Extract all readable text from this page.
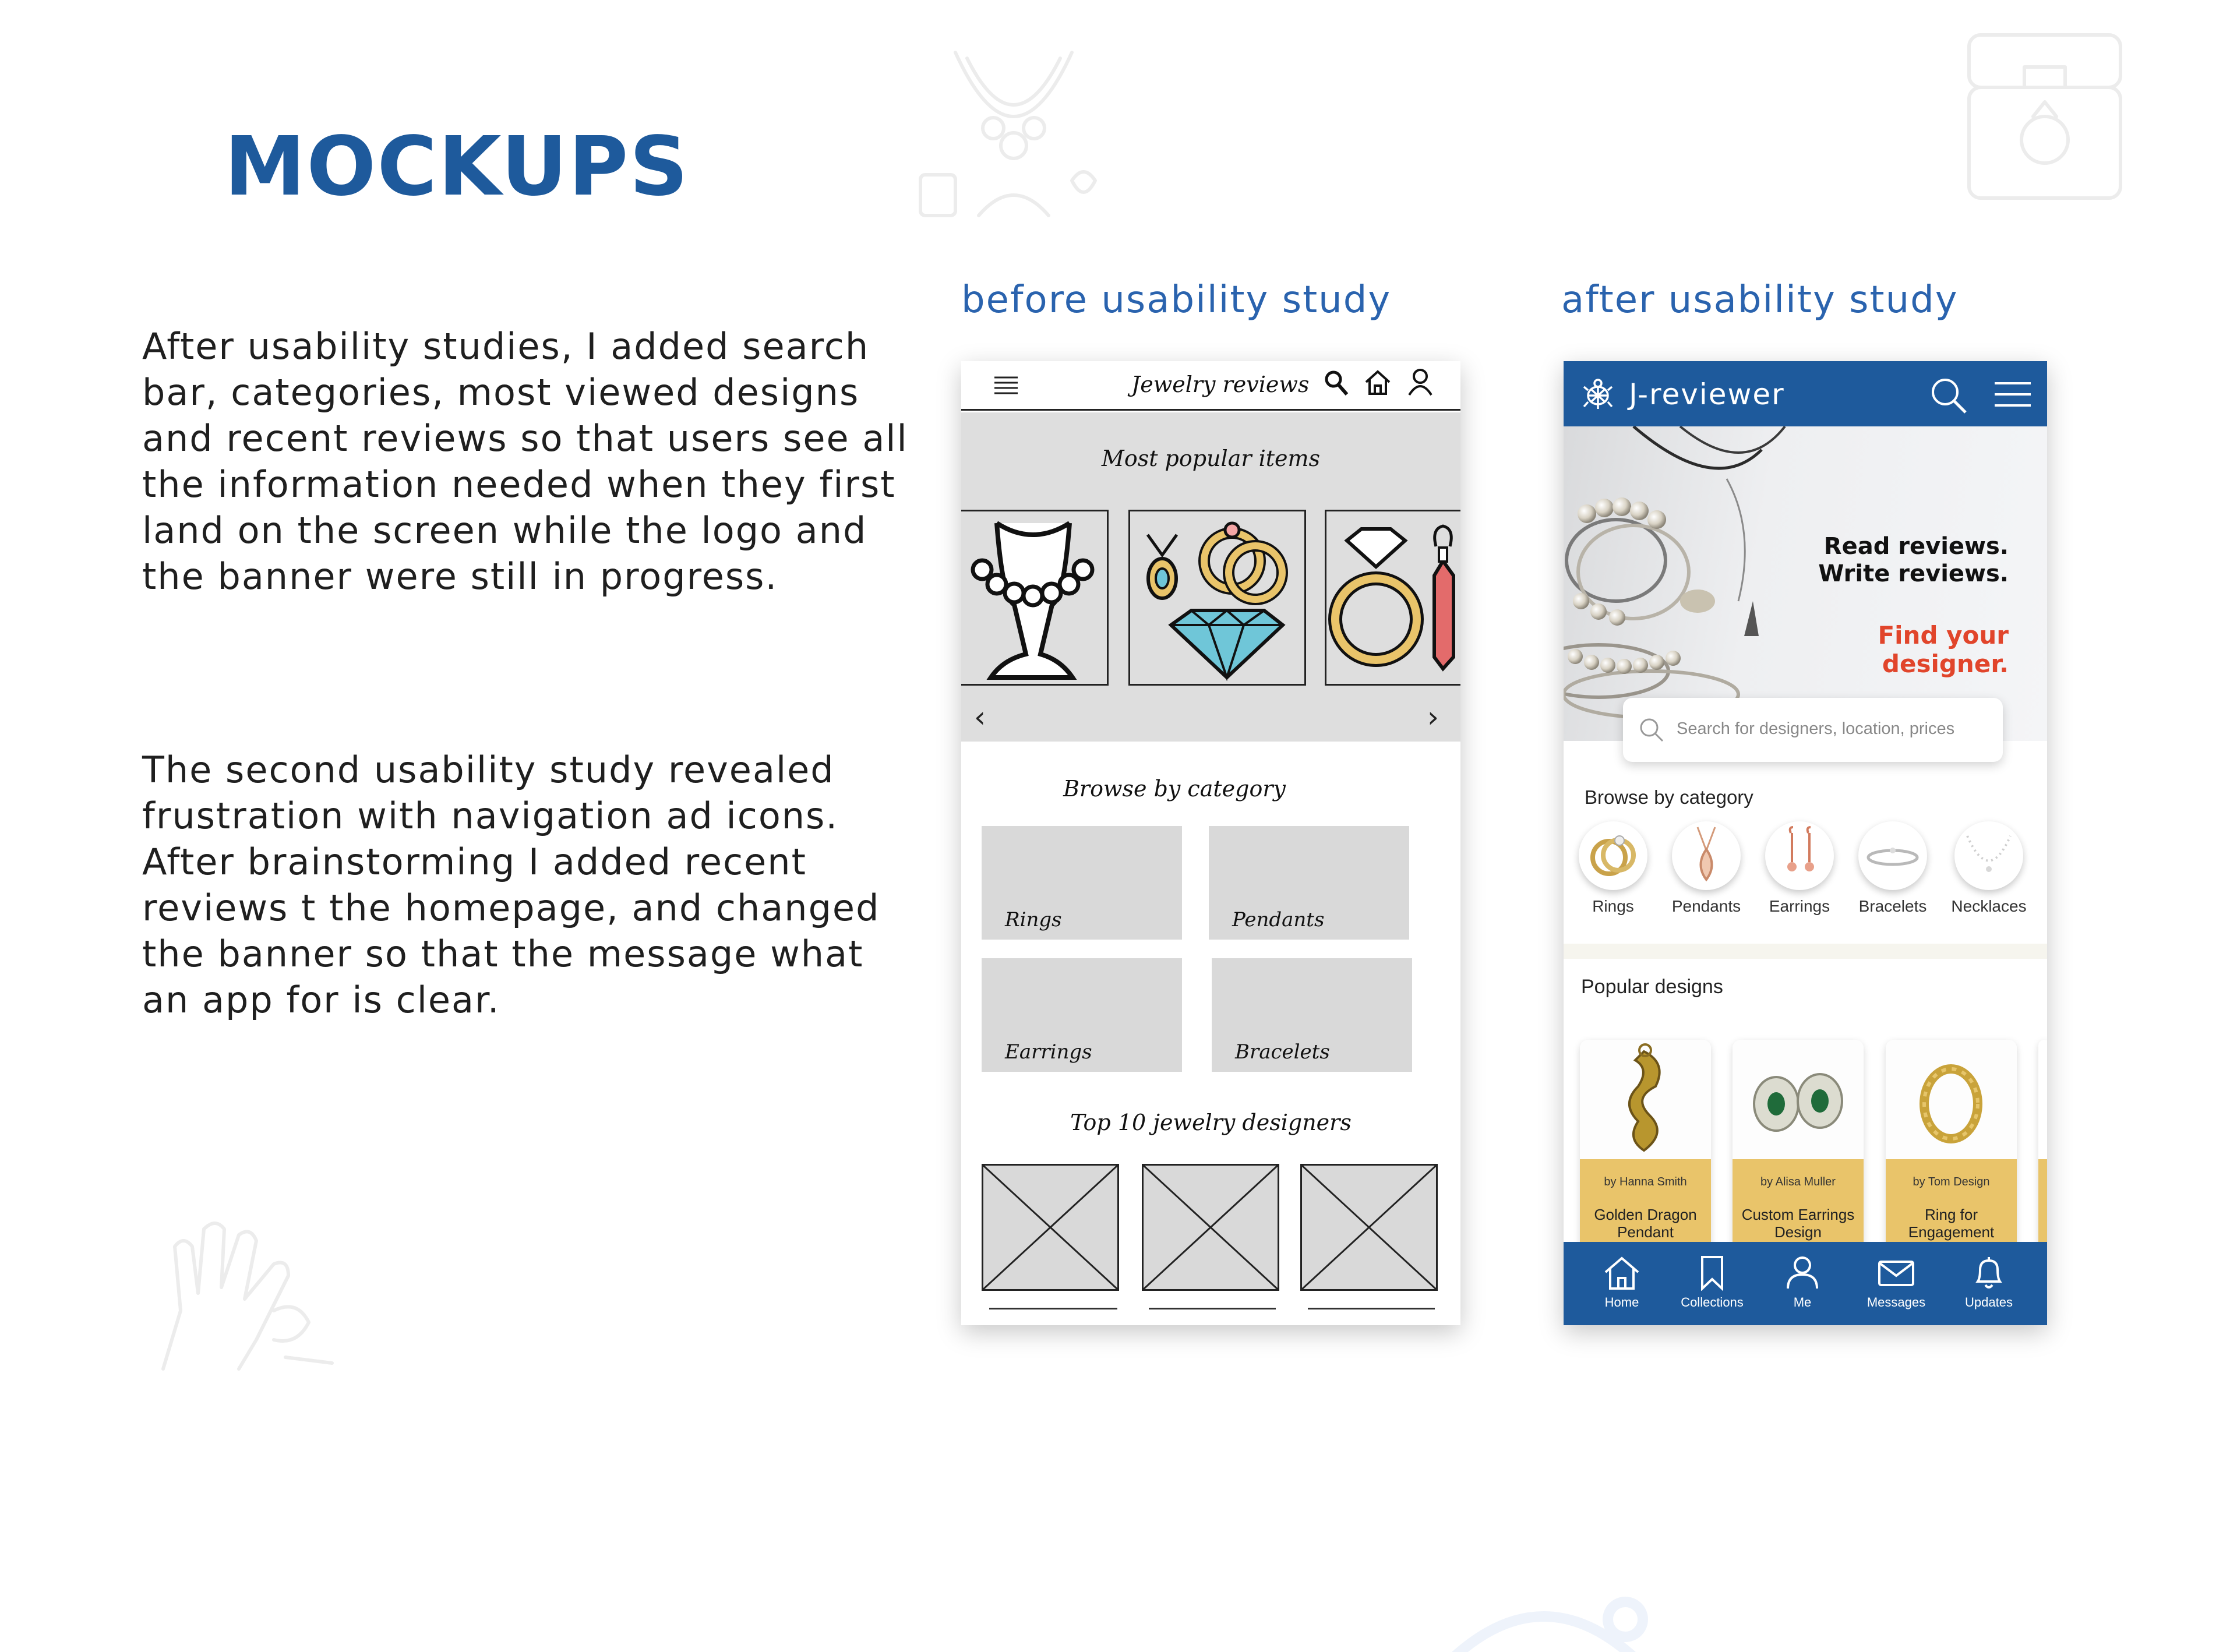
MOCKUPS
After usability studies, I added search bar, categories, most viewed designs and recent reviews so that users see all the information needed when they first land on the screen while the logo and the banner were still in progress.
The second usability study revealed frustration with navigation ad icons. After brainstorming I added recent reviews t the homepage, and changed the banner so that the message what an app for is clear.
before usability study	after usability study
Jewelry reviews
Most popular items
‹	›
Browse by category
Rings	Pendants
Earrings	Bracelets
Top 10 jewelry designers
J-reviewer
Read reviews.
Write reviews.
Find your
designer.
Search for designers, location, prices
Browse by category
Rings	Pendants	Earrings	Bracelets	Necklaces
Popular designs
by Hanna Smith
Golden Dragon Pendant
by Alisa Muller
Custom Earrings Design
by Tom Design
Ring for Engagement
Home	Collections	Me	Messages	Updates
